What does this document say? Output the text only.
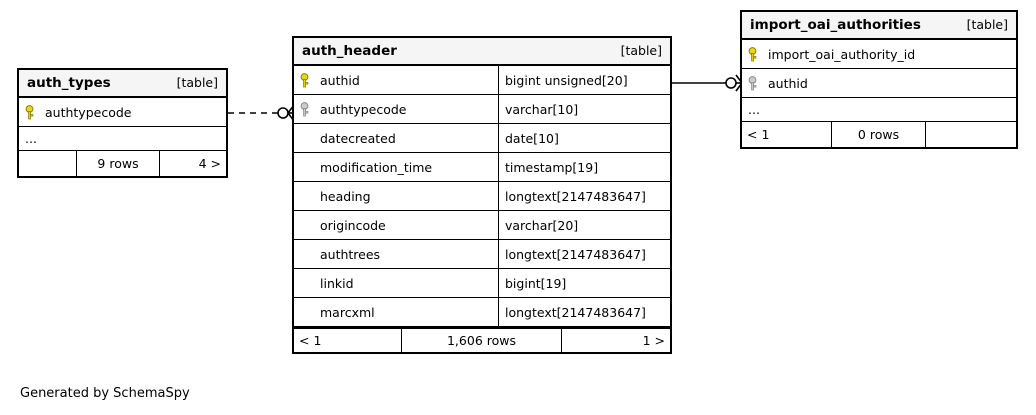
auth_types	[table]
authtypecode
...
9 rows	4 >
auth_header	[table]
authid	bigint unsigned[20]
authtypecode	varchar[10]
datecreated	date[10]
modification_time	timestamp[19]
heading	longtext[2147483647]
origincode	varchar[20]
authtrees	longtext[2147483647]
linkid	bigint[19]
marcxml	longtext[2147483647]
< 1	1,606 rows	1 >
import_oai_authorities	[table]
import_oai_authority_id
authid
...
< 1	0 rows
Generated by SchemaSpy
